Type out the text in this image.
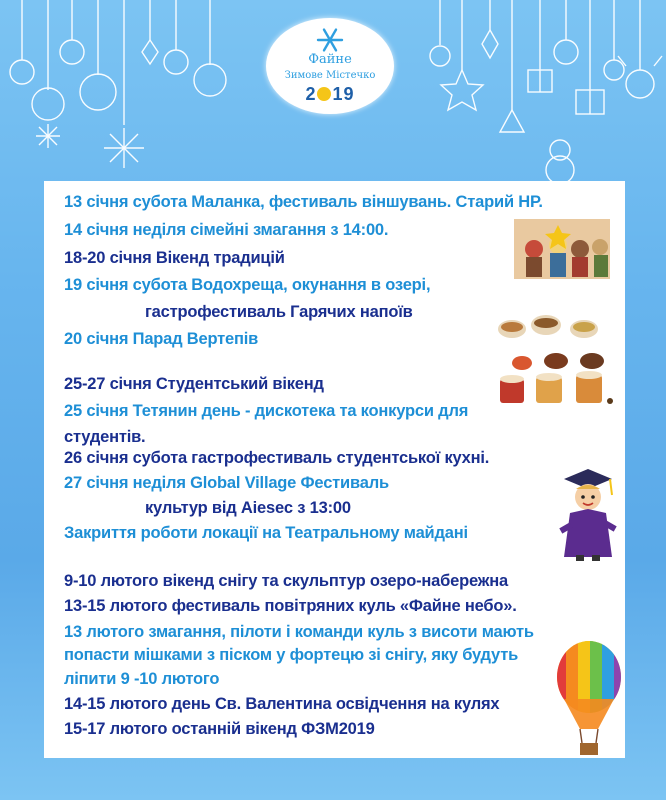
Файне
Зимове Містечко
2 19
13 січня субота Маланка, фестиваль віншувань. Старий НР.
14 січня неділя сімейні змагання з 14:00.
18-20 січня Вікенд традицій
19 січня субота Водохреща, окунання в озері,
гастрофестиваль Гарячих напоїв
20 січня Парад Вертепів
25-27 січня Студентський вікенд
25 січня Тетянин день - дискотека та конкурси для
студентів.
26 січня субота гастрофестиваль студентської кухні.
27 січня неділя Global Village Фестиваль
культур від Aiesec з 13:00
Закриття роботи локації на Театральному майдані
9-10 лютого вікенд снігу та скульптур озеро-набережна
13-15 лютого фестиваль повітряних куль «Файне небо».
13 лютого змагання, пілоти і команди куль з висоти мають
попасти мішками з піском у фортецю зі снігу, яку будуть
ліпити 9 -10 лютого
14-15 лютого день Св. Валентина освідчення на кулях
15-17 лютого останній вікенд ФЗМ2019
